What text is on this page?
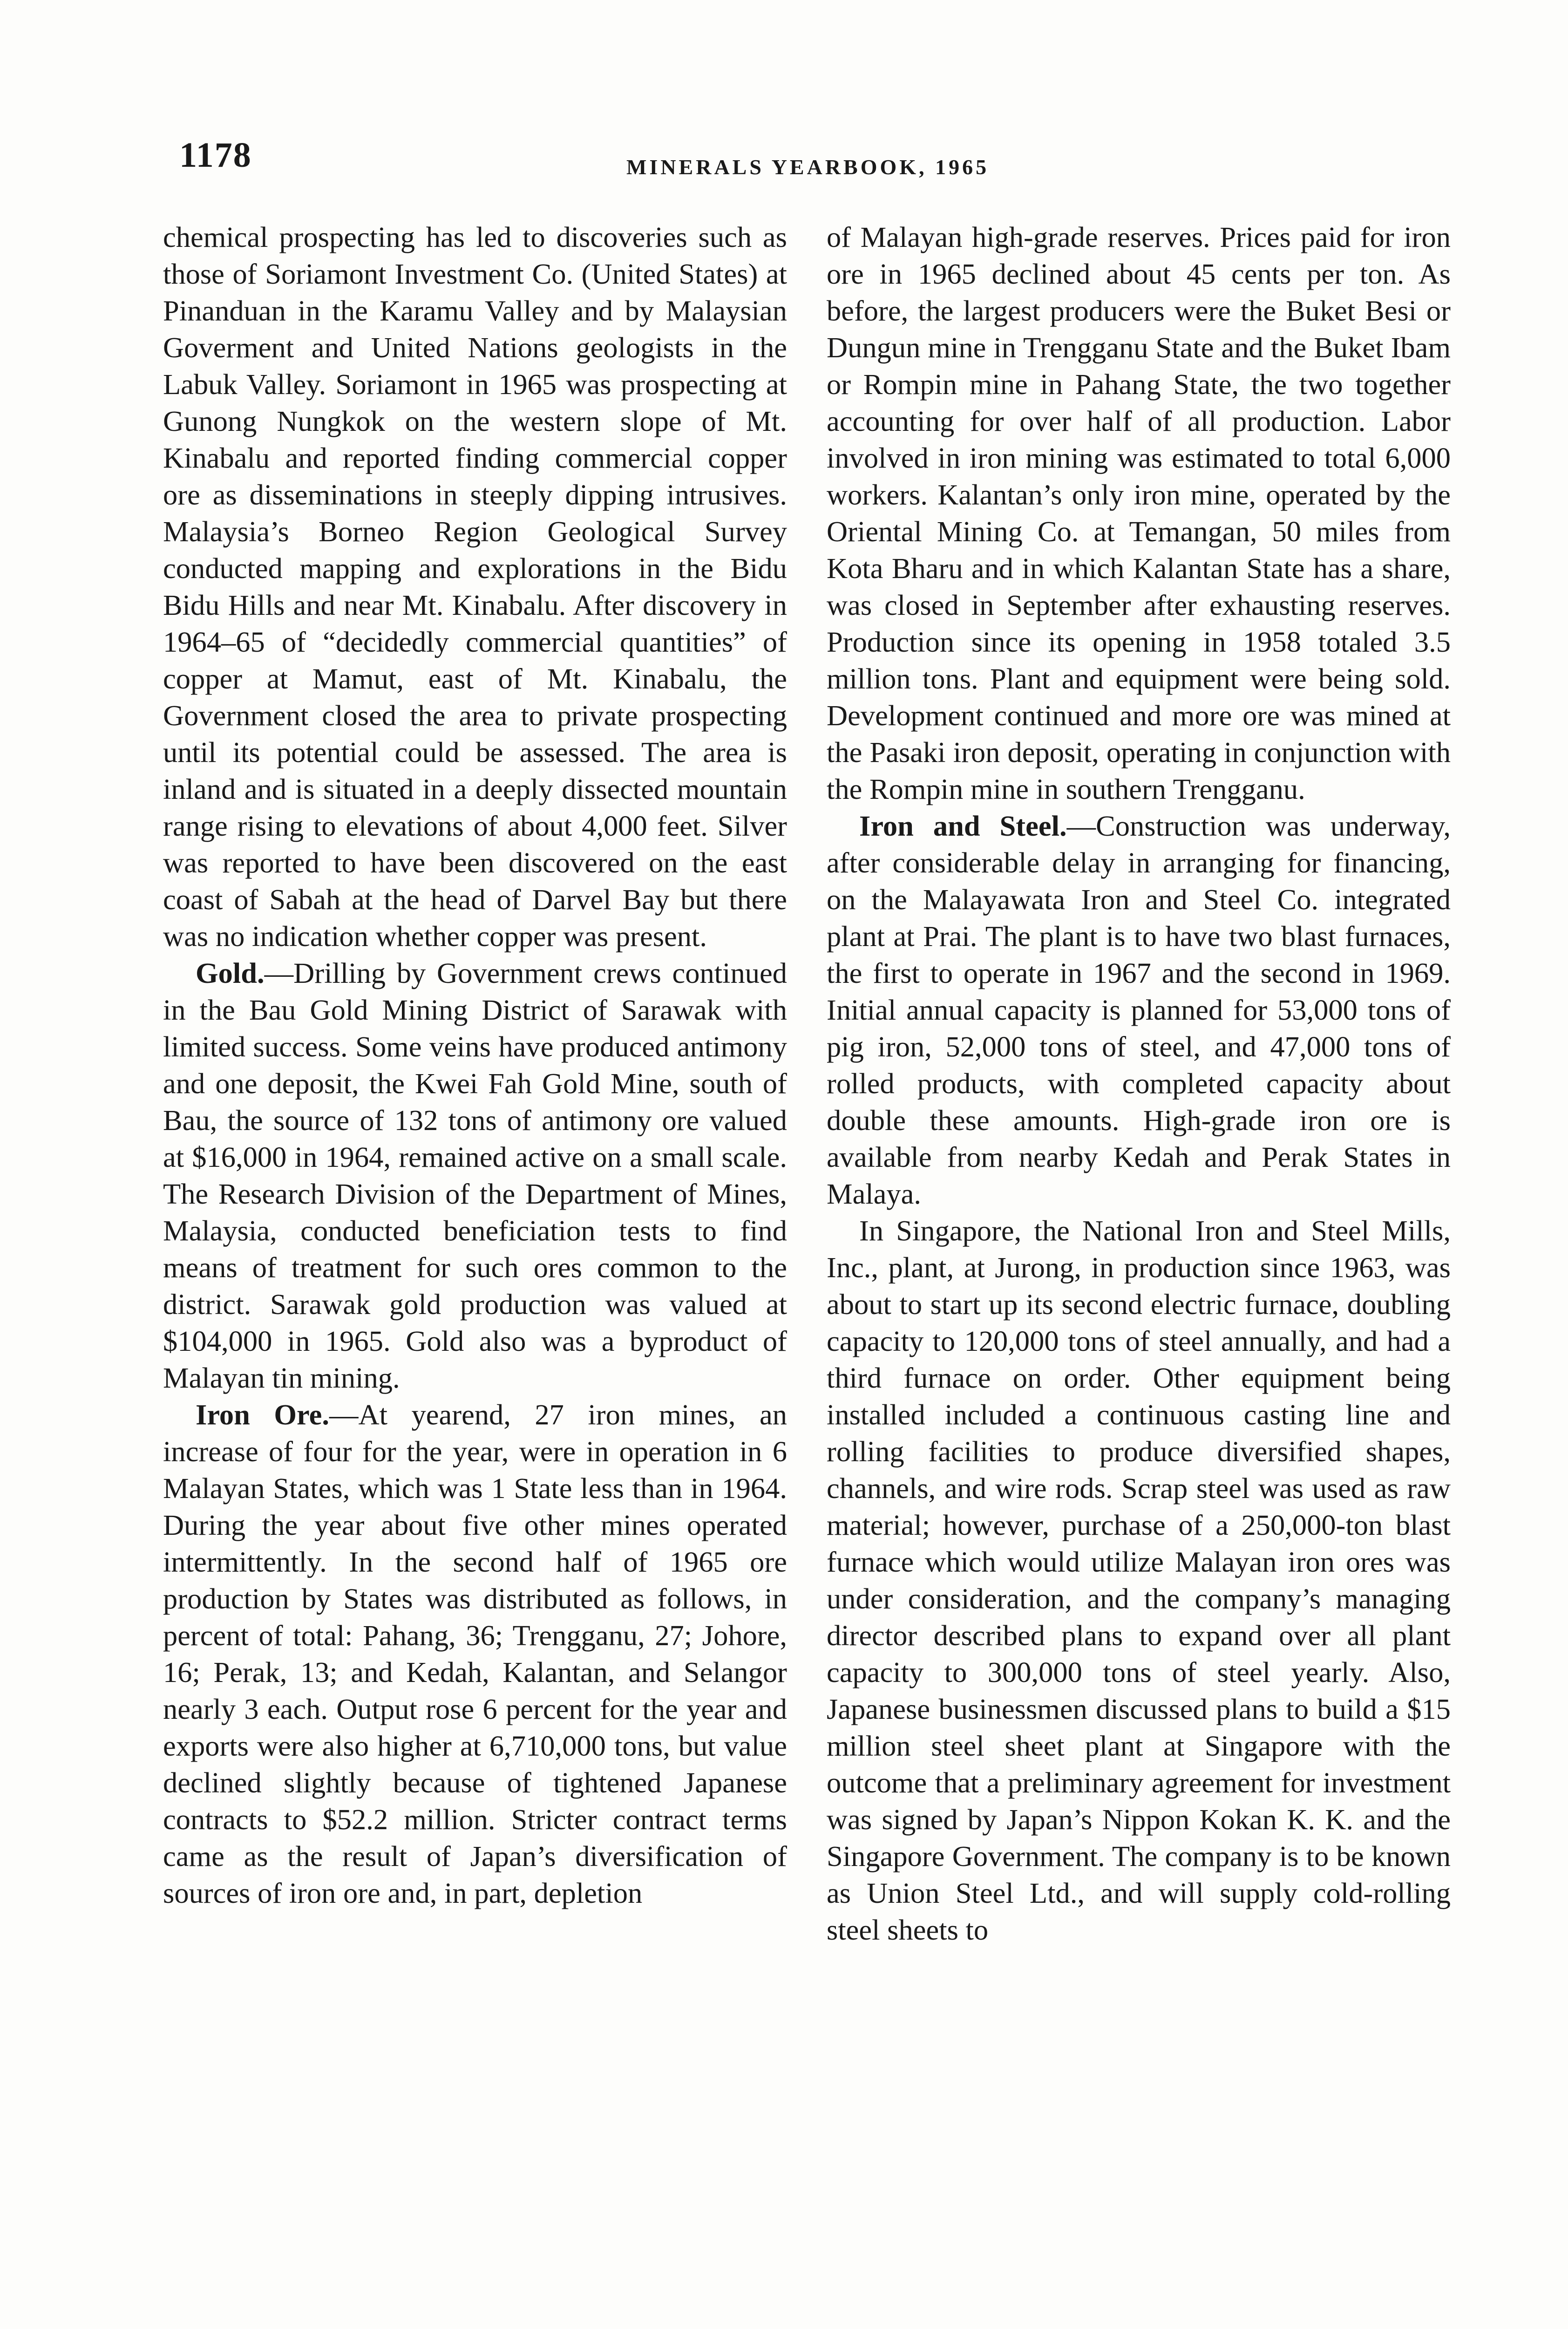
1178	MINERALS YEARBOOK, 1965

chemical prospecting has led to discoveries such as those of Soriamont Investment Co. (United States) at Pinanduan in the Karamu Valley and by Malaysian Goverment and United Nations geologists in the Labuk Valley. Soriamont in 1965 was prospecting at Gunong Nungkok on the western slope of Mt. Kinabalu and reported finding commercial copper ore as disseminations in steeply dipping intrusives. Malaysia’s Borneo Region Geological Survey conducted mapping and explorations in the Bidu Bidu Hills and near Mt. Kinabalu. After discovery in 1964–65 of “decidedly commercial quantities” of copper at Mamut, east of Mt. Kinabalu, the Government closed the area to private prospecting until its potential could be assessed. The area is inland and is situated in a deeply dissected mountain range rising to elevations of about 4,000 feet. Silver was reported to have been discovered on the east coast of Sabah at the head of Darvel Bay but there was no indication whether copper was present.

Gold.—Drilling by Government crews continued in the Bau Gold Mining District of Sarawak with limited success. Some veins have produced antimony and one deposit, the Kwei Fah Gold Mine, south of Bau, the source of 132 tons of antimony ore valued at $16,000 in 1964, remained active on a small scale. The Research Division of the Department of Mines, Malaysia, conducted beneficiation tests to find means of treatment for such ores common to the district. Sarawak gold production was valued at $104,000 in 1965. Gold also was a byproduct of Malayan tin mining.

Iron Ore.—At yearend, 27 iron mines, an increase of four for the year, were in operation in 6 Malayan States, which was 1 State less than in 1964. During the year about five other mines operated intermittently. In the second half of 1965 ore production by States was distributed as follows, in percent of total: Pahang, 36; Trengganu, 27; Johore, 16; Perak, 13; and Kedah, Kalantan, and Selangor nearly 3 each. Output rose 6 percent for the year and exports were also higher at 6,710,000 tons, but value declined slightly because of tightened Japanese contracts to $52.2 million. Stricter contract terms came as the result of Japan’s diversification of sources of iron ore and, in part, depletion

of Malayan high-grade reserves. Prices paid for iron ore in 1965 declined about 45 cents per ton. As before, the largest producers were the Buket Besi or Dungun mine in Trengganu State and the Buket Ibam or Rompin mine in Pahang State, the two together accounting for over half of all production. Labor involved in iron mining was estimated to total 6,000 workers. Kalantan’s only iron mine, operated by the Oriental Mining Co. at Temangan, 50 miles from Kota Bharu and in which Kalantan State has a share, was closed in September after exhausting reserves. Production since its opening in 1958 totaled 3.5 million tons. Plant and equipment were being sold. Development continued and more ore was mined at the Pasaki iron deposit, operating in conjunction with the Rompin mine in southern Trengganu.

Iron and Steel.—Construction was underway, after considerable delay in arranging for financing, on the Malayawata Iron and Steel Co. integrated plant at Prai. The plant is to have two blast furnaces, the first to operate in 1967 and the second in 1969. Initial annual capacity is planned for 53,000 tons of pig iron, 52,000 tons of steel, and 47,000 tons of rolled products, with completed capacity about double these amounts. High-grade iron ore is available from nearby Kedah and Perak States in Malaya.

In Singapore, the National Iron and Steel Mills, Inc., plant, at Jurong, in production since 1963, was about to start up its second electric furnace, doubling capacity to 120,000 tons of steel annually, and had a third furnace on order. Other equipment being installed included a continuous casting line and rolling facilities to produce diversified shapes, channels, and wire rods. Scrap steel was used as raw material; however, purchase of a 250,000-ton blast furnace which would utilize Malayan iron ores was under consideration, and the company’s managing director described plans to expand over all plant capacity to 300,000 tons of steel yearly. Also, Japanese businessmen discussed plans to build a $15 million steel sheet plant at Singapore with the outcome that a preliminary agreement for investment was signed by Japan’s Nippon Kokan K. K. and the Singapore Government. The company is to be known as Union Steel Ltd., and will supply cold-rolling steel sheets to
